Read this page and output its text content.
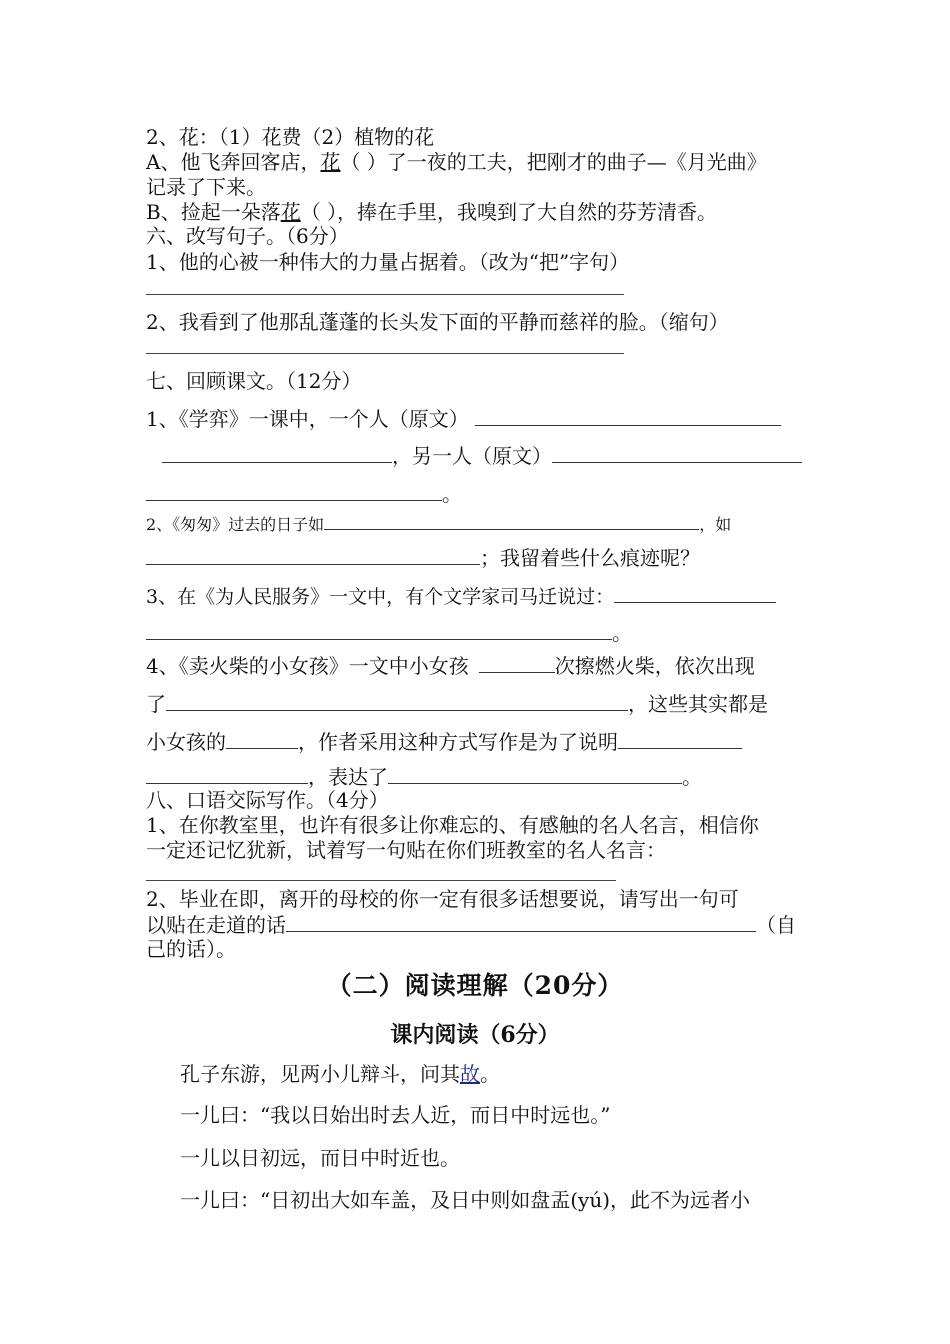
2、花：（1）花费（2）植物的花
A、他飞奔回客店，花（ ）了一夜的工夫，把刚才的曲子—《月光曲》
记录了下来。
B、捡起一朵落花（ ），捧在手里，我嗅到了大自然的芬芳清香。
六、改写句子。（6分）
1、他的心被一种伟大的力量占据着。（改为“把”字句）
2、我看到了他那乱蓬蓬的长头发下面的平静而慈祥的脸。（缩句）
七、回顾课文。（12分）
1、《学弈》一课中，一个人（原文）
，另一人（原文）
。
2、《匆匆》过去的日子如	，如
；我留着些什么痕迹呢？
3、在《为人民服务》一文中，有个文学家司马迁说过：
。
4、《卖火柴的小女孩》一文中小女孩	次擦燃火柴，依次出现
了	，这些其实都是
小女孩的	，作者采用这种方式写作是为了说明
，表达了	。
八、口语交际写作。（4分）
1、在你教室里，也许有很多让你难忘的、有感触的名人名言，相信你
一定还记忆犹新，试着写一句贴在你们班教室的名人名言：
2、毕业在即，离开的母校的你一定有很多话想要说，请写出一句可
以贴在走道的话	（自
己的话）。
（二）阅读理解（20分）
课内阅读（6分）
孔子东游，见两小儿辩斗，问其故。
一儿曰：“我以日始出时去人近，而日中时远也。”
一儿以日初远，而日中时近也。
一儿曰：“日初出大如车盖，及日中则如盘盂(yú)，此不为远者小
